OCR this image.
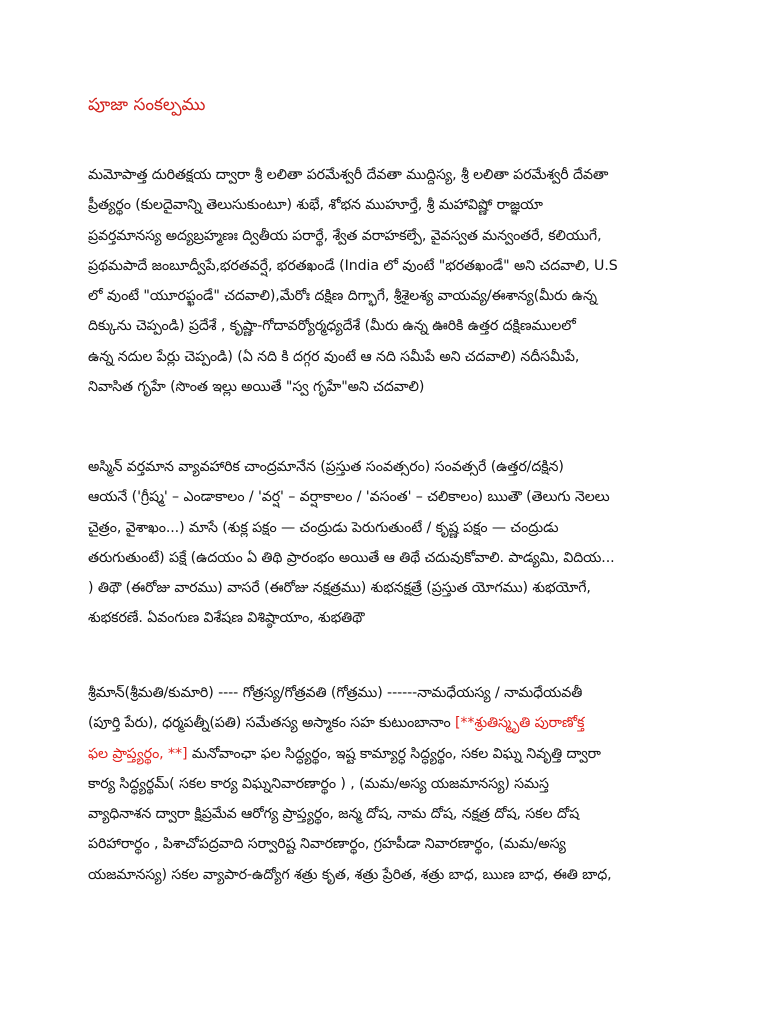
పూజా సంకల్పము

మమోపాత్త దురితక్షయ ద్వారా శ్రీ లలితా పరమేశ్వరీ దేవతా ముద్దిస్య, శ్రీ లలితా పరమేశ్వరీ దేవతా
ప్రీత్యర్థం (కులదైవాన్ని తెలుసుకుంటూ) శుభే, శోభన ముహూర్తే, శ్రీ మహావిష్ణో రాజ్ఞయా
ప్రవర్తమానస్య అద్యబ్రహ్మణః ద్వితీయ పరార్థే, శ్వేత వరాహకల్పే, వైవస్వత మన్వంతరే, కలియుగే,
ప్రథమపాదే జంబూద్వీపే,భరతవర్షే, భరతఖండే (India లో వుంటే "భరతఖండే" అని చదవాలి, U.S
లో వుంటే "యూరప్ఖండే" చదవాలి),మేరోః దక్షిణ దిగ్భాగే, శ్రీశైలశ్య వాయవ్య/ఈశాన్య(మీరు ఉన్న
దిక్కును చెప్పండి) ప్రదేశే , కృష్ణా-గోదావర్యోర్మధ్యదేశే (మీరు ఉన్న ఊరికి ఉత్తర దక్షిణములలో
ఉన్న నదుల పేర్లు చెప్పండి) (ఏ నది కి దగ్గర వుంటే ఆ నది సమీపే అని చదవాలి) నదీసమీపే,
నివాసిత గృహే (సొంత ఇల్లు అయితే "స్వ గృహే"అని చదవాలి)

అస్మిన్ వర్తమాన వ్యావహారిక చాంద్రమానేన (ప్రస్తుత సంవత్సరం) సంవత్సరే (ఉత్తర/దక్షిన)
ఆయనే ('గ్రీష్మ' – ఎండాకాలం / 'వర్ష' – వర్షాకాలం / 'వసంత' – చలికాలం) ఋతౌ (తెలుగు నెలలు
చైత్రం, వైశాఖం...) మాసే (శుక్ల పక్షం — చంద్రుడు పెరుగుతుంటే / కృష్ణ పక్షం — చంద్రుడు
తరుగుతుంటే) పక్షే (ఉదయం ఏ తిథి ప్రారంభం అయితే ఆ తిథే చదువుకోవాలి. పాడ్యమి, విదియ...
) తిథౌ (ఈరోజు వారము) వాసరే (ఈరోజు నక్షత్రము) శుభనక్షత్రే (ప్రస్తుత యోగము) శుభయోగే,
శుభకరణే. ఏవంగుణ విశేషణ విశిష్ఠాయాం, శుభతిథౌ

శ్రీమాన్(శ్రీమతి/కుమారి) ---- గోత్రస్య/గోత్రవతి (గోత్రము) ------నామధేయస్య / నామధేయవతీ
(పూర్తి పేరు), ధర్మపత్నీ(పతి) సమేతస్య అస్మాకం సహ కుటుంబానాం [**శ్రుతిస్మృతి పురాణోక్త
ఫల ప్రాప్త్యర్థం, **] మనోవాంఛా ఫల సిద్ధ్యర్థం, ఇష్ట కామ్యార్ధ సిద్ధ్యర్థం, సకల విఘ్న నివృత్తి ద్వారా
కార్య సిద్ధ్యర్థమ్( సకల కార్య విఘ్ననివారణార్థం ) , (మమ/అస్య యజమానస్య) సమస్త
వ్యాధినాశన ద్వారా క్షిప్రమేవ ఆరోగ్య ప్రాప్త్యర్థం, జన్మ దోష, నామ దోష, నక్షత్ర దోష, సకల దోష
పరిహారార్థం , పిశాచోపద్రవాది సర్వారిష్ట నివారణార్థం, గ్రహపీడా నివారణార్థం, (మమ/అస్య
యజమానస్య) సకల వ్యాపార-ఉద్యోగ శత్రు కృత, శత్రు ప్రేరిత, శత్రు బాధ, ఋణ బాధ, ఈతి బాధ,
